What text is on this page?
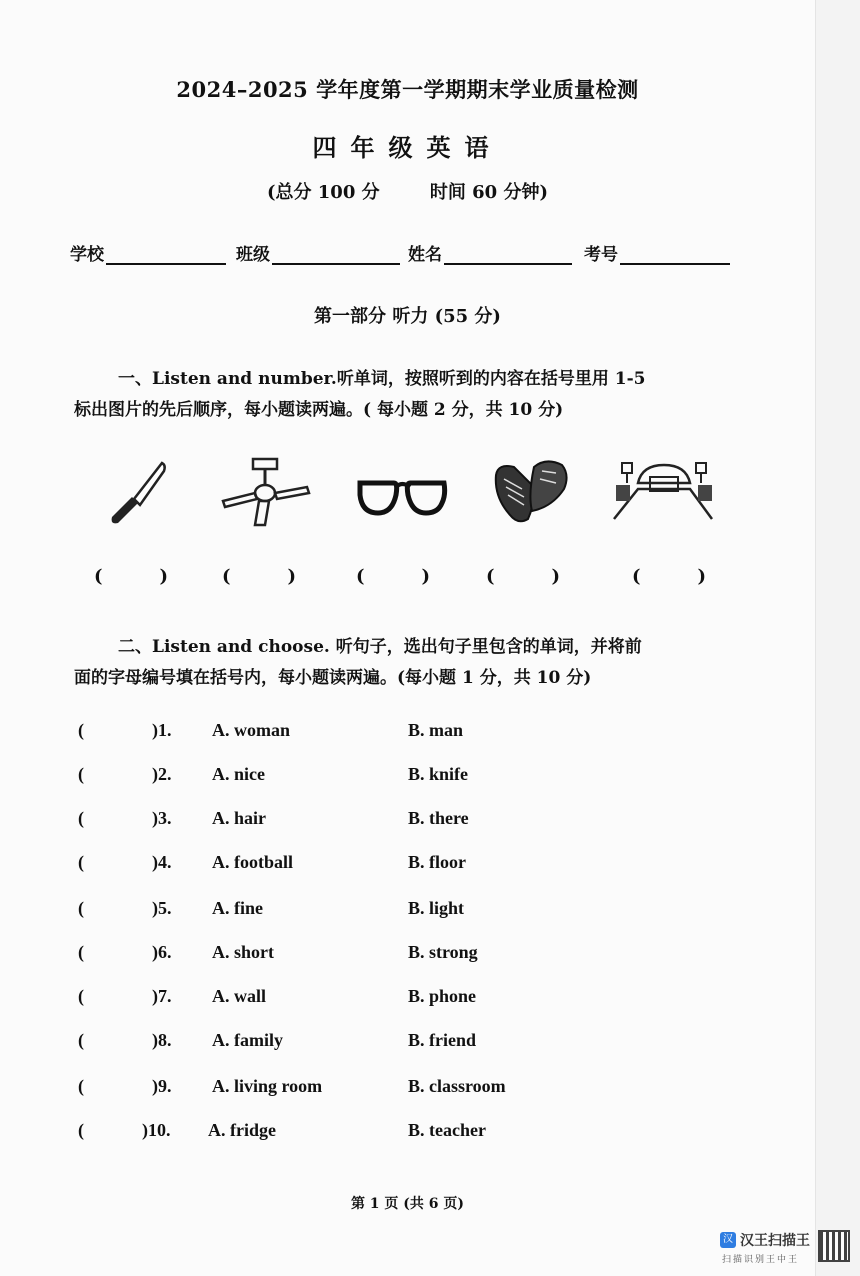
2024–2025 学年度第一学期期末学业质量检测
四年级英语
(总分 100 分	时间 60 分钟)
学校	班级	姓名	考号
第一部分 听力 (55 分)
一、Listen and number.听单词，按照听到的内容在括号里用 1-5
标出图片的先后顺序，每小题读两遍。( 每小题 2 分，共 10 分)
(	)	(	)	(	)	(	)	(	)
二、Listen and choose. 听句子，选出句子里包含的单词，并将前
面的字母编号填在括号内，每小题读两遍。(每小题 1 分，共 10 分)
(	)1. A. woman	B. man
(	)2. A. nice	B. knife
(	)3. A. hair	B. there
(	)4. A. football	B. floor
(	)5. A. fine	B. light
(	)6. A. short	B. strong
(	)7. A. wall	B. phone
(	)8. A. family	B. friend
(	)9. A. living room	B. classroom
(	)10. A. fridge	B. teacher
第 1 页 (共 6 页)
汉 汉王扫描王
扫描识别王中王
